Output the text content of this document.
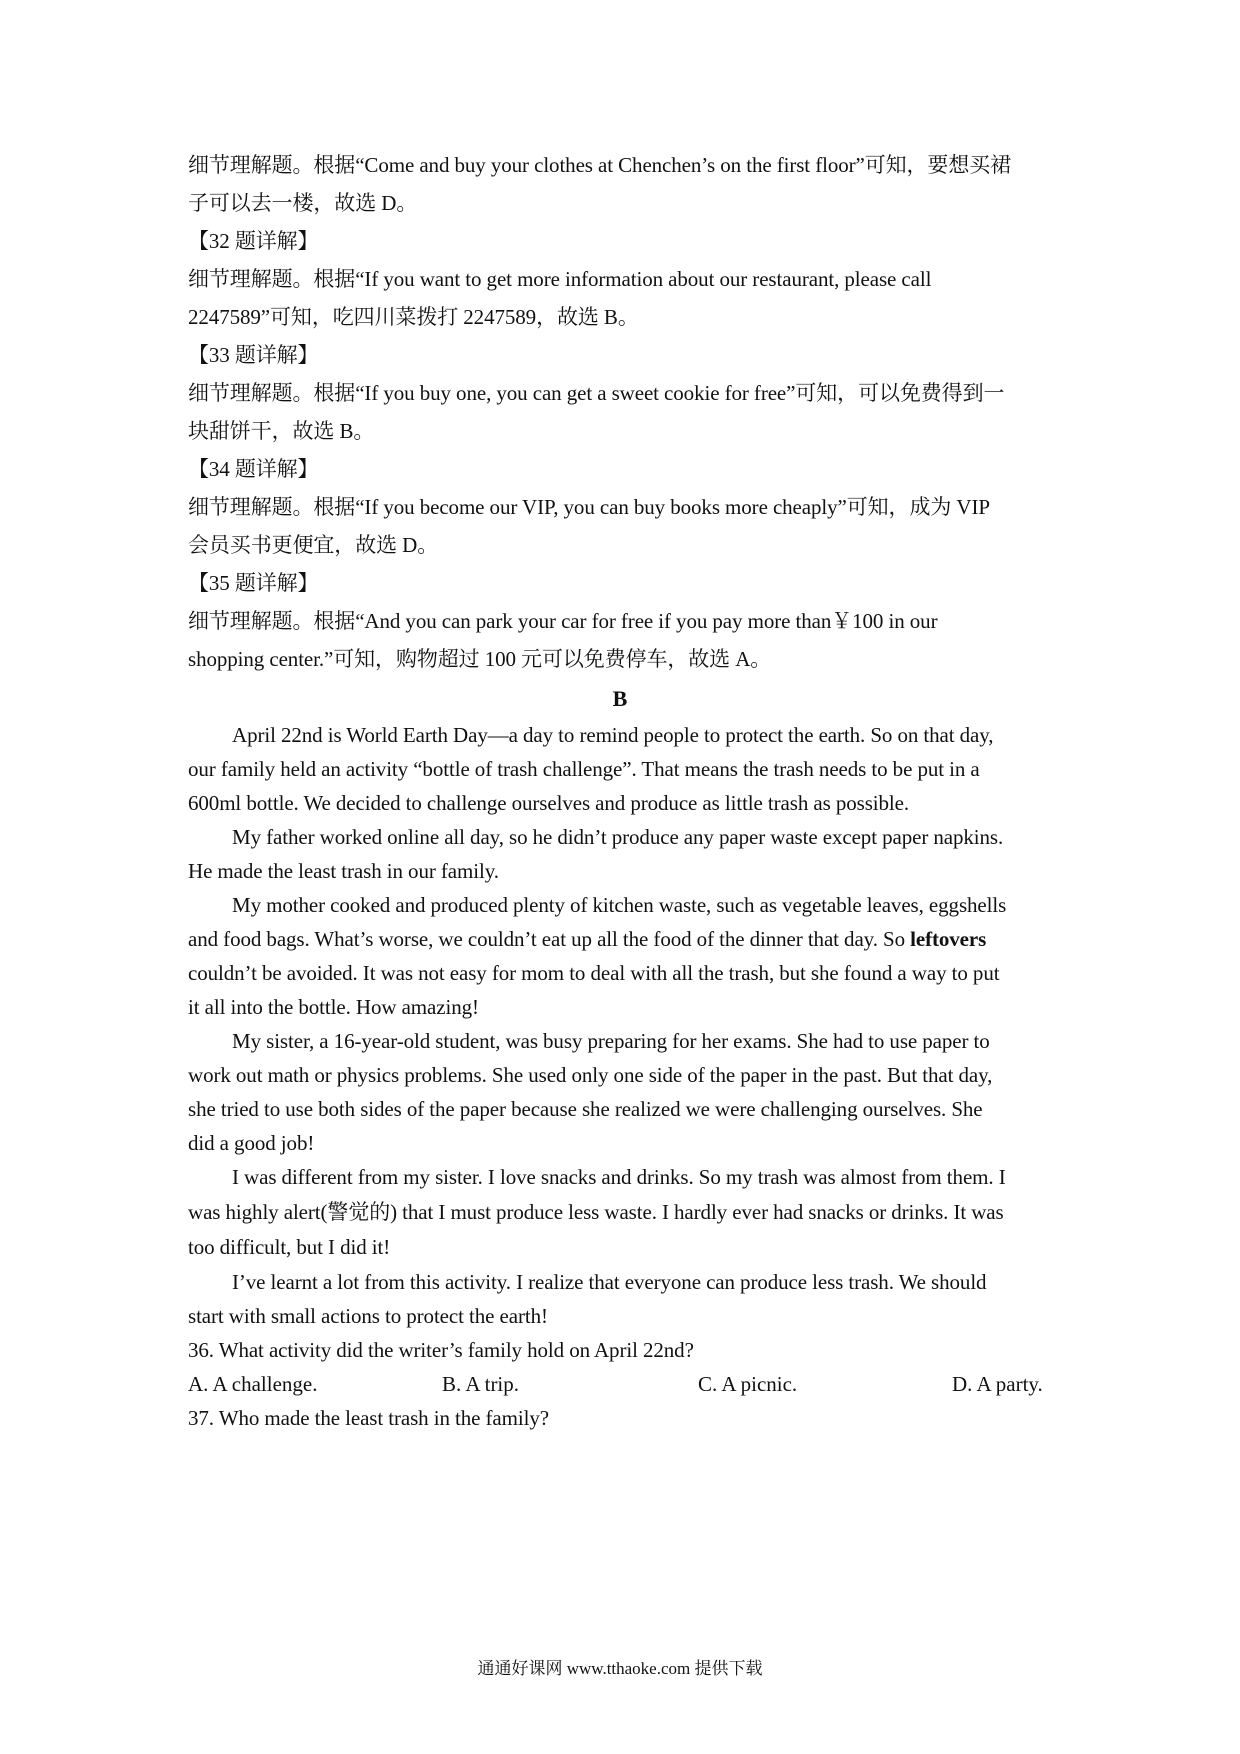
细节理解题。根据“Come and buy your clothes at Chenchen’s on the first floor”可知，要想买裙
子可以去一楼，故选 D。
【32 题详解】
细节理解题。根据“If you want to get more information about our restaurant, please call
2247589”可知，吃四川菜拨打 2247589，故选 B。
【33 题详解】
细节理解题。根据“If you buy one, you can get a sweet cookie for free”可知，可以免费得到一
块甜饼干，故选 B。
【34 题详解】
细节理解题。根据“If you become our VIP, you can buy books more cheaply”可知，成为 VIP
会员买书更便宜，故选 D。
【35 题详解】
细节理解题。根据“And you can park your car for free if you pay more than￥100 in our
shopping center.”可知，购物超过 100 元可以免费停车，故选 A。
B
April 22nd is World Earth Day—a day to remind people to protect the earth. So on that day,
our family held an activity “bottle of trash challenge”. That means the trash needs to be put in a
600ml bottle. We decided to challenge ourselves and produce as little trash as possible.
My father worked online all day, so he didn’t produce any paper waste except paper napkins.
He made the least trash in our family.
My mother cooked and produced plenty of kitchen waste, such as vegetable leaves, eggshells
and food bags. What’s worse, we couldn’t eat up all the food of the dinner that day. So leftovers
couldn’t be avoided. It was not easy for mom to deal with all the trash, but she found a way to put
it all into the bottle. How amazing!
My sister, a 16-year-old student, was busy preparing for her exams. She had to use paper to
work out math or physics problems. She used only one side of the paper in the past. But that day,
she tried to use both sides of the paper because she realized we were challenging ourselves. She
did a good job!
I was different from my sister. I love snacks and drinks. So my trash was almost from them. I
was highly alert(警觉的) that I must produce less waste. I hardly ever had snacks or drinks. It was
too difficult, but I did it!
I’ve learnt a lot from this activity. I realize that everyone can produce less trash. We should
start with small actions to protect the earth!
36. What activity did the writer’s family hold on April 22nd?
A. A challenge.	B. A trip.	C. A picnic.	D. A party.
37. Who made the least trash in the family?
通通好课网 www.tthaoke.com 提供下载
